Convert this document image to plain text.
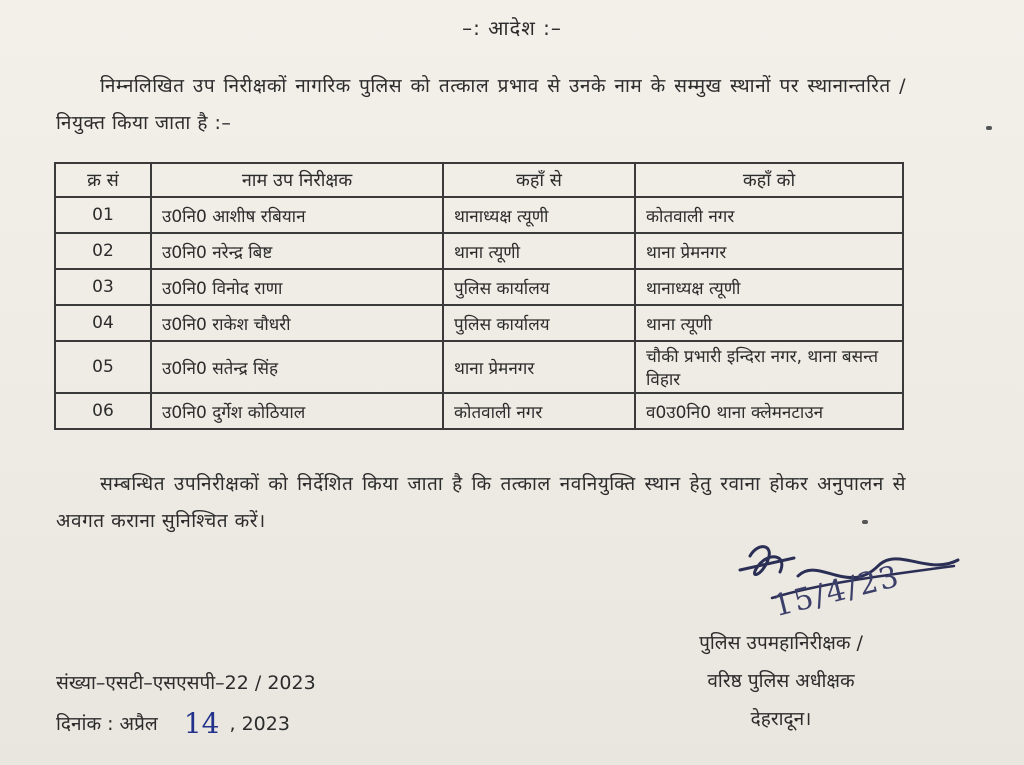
–: आदेश :–
निम्नलिखित उप निरीक्षकों नागरिक पुलिस को तत्काल प्रभाव से उनके नाम के सम्मुख स्थानों पर स्थानान्तरित / नियुक्त किया जाता है :–
क्र सं	नाम उप निरीक्षक	कहाँ से	कहाँ को
01	उ0नि0 आशीष रबियान	थानाध्यक्ष त्यूणी	कोतवाली नगर
02	उ0नि0 नरेन्द्र बिष्ट	थाना त्यूणी	थाना प्रेमनगर
03	उ0नि0 विनोद राणा	पुलिस कार्यालय	थानाध्यक्ष त्यूणी
04	उ0नि0 राकेश चौधरी	पुलिस कार्यालय	थाना त्यूणी
05	उ0नि0 सतेन्द्र सिंह	थाना प्रेमनगर	चौकी प्रभारी इन्दिरा नगर, थाना बसन्त विहार
06	उ0नि0 दुर्गेश कोठियाल	कोतवाली नगर	व0उ0नि0 थाना क्लेमनटाउन
सम्बन्धित उपनिरीक्षकों को निर्देशित किया जाता है कि तत्काल नवनियुक्ति स्थान हेतु रवाना होकर अनुपालन से अवगत कराना सुनिश्चित करें।
15/4/23
पुलिस उपमहानिरीक्षक /
वरिष्ठ पुलिस अधीक्षक
देहरादून।
संख्या–एसटी–एसएसपी–22 / 2023
दिनांक : अप्रैल 14 , 2023
